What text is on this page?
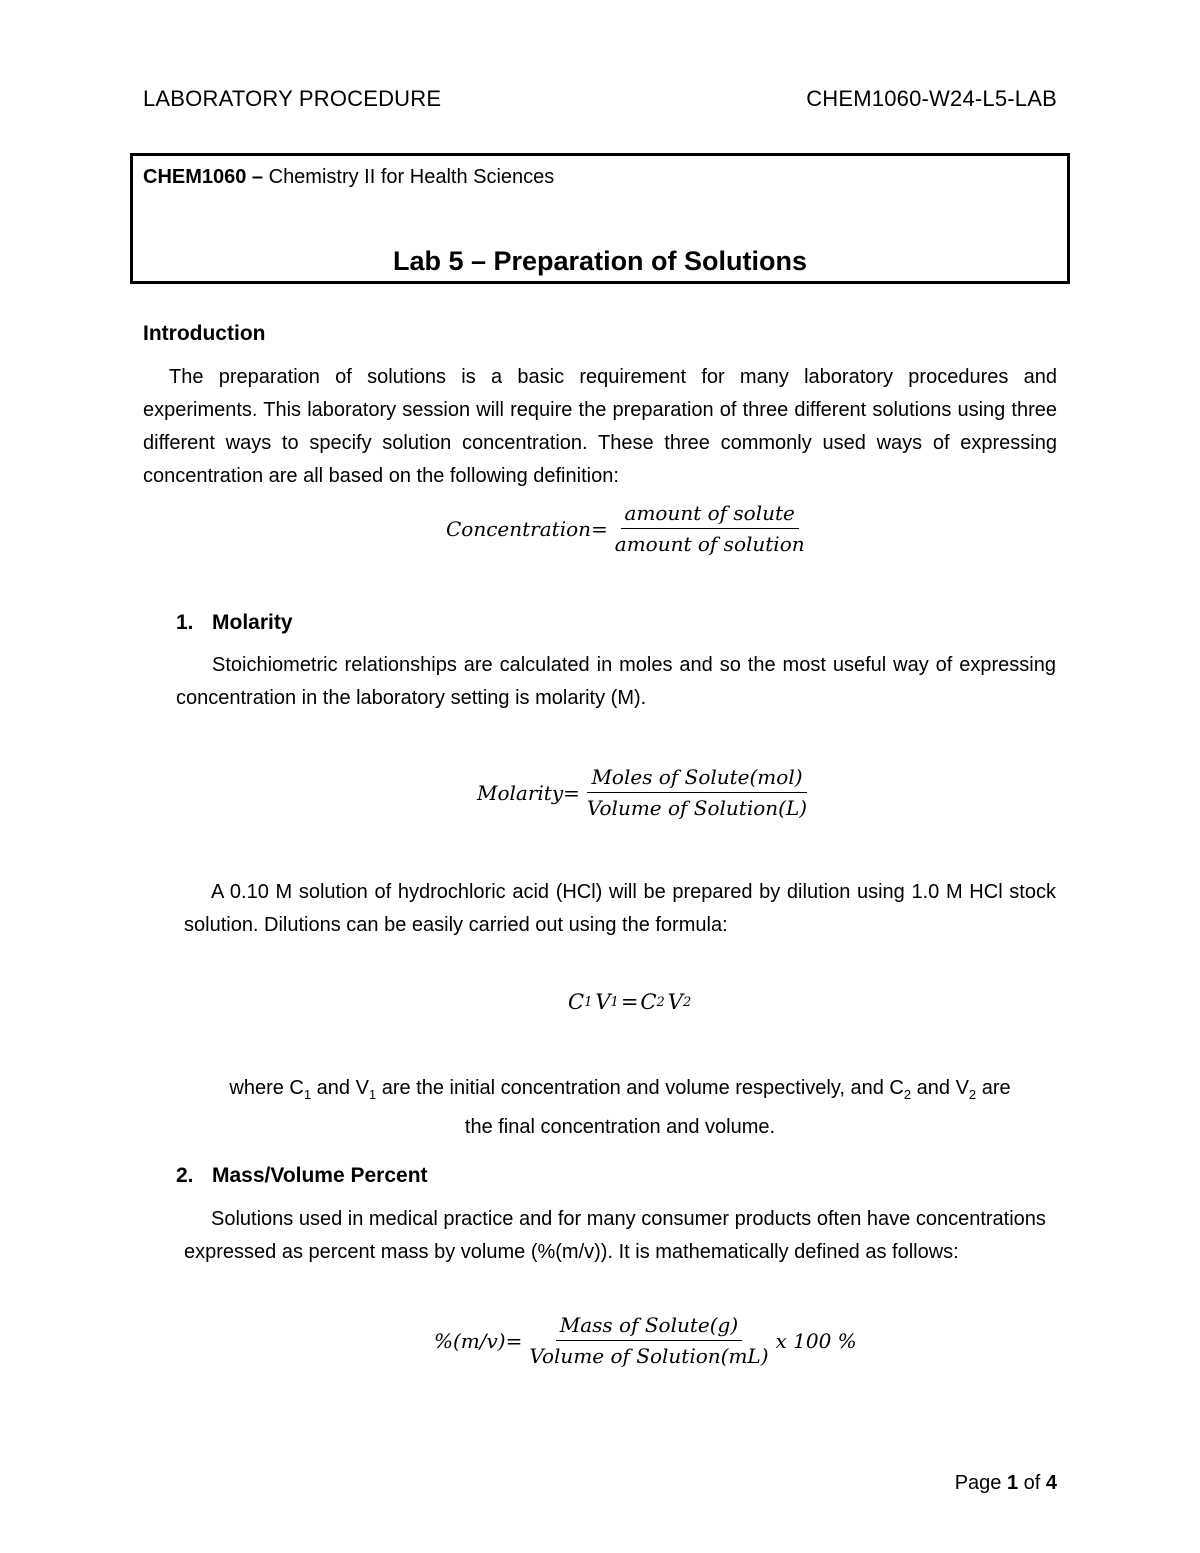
LABORATORY PROCEDURE	CHEM1060-W24-L5-LAB
CHEM1060 – Chemistry II for Health Sciences
Lab 5 – Preparation of Solutions
Introduction
The preparation of solutions is a basic requirement for many laboratory procedures and experiments. This laboratory session will require the preparation of three different solutions using three different ways to specify solution concentration. These three commonly used ways of expressing concentration are all based on the following definition:
Concentration = $\frac{\text{amount of solute}}{\text{amount of solution}}$
1. Molarity
Stoichiometric relationships are calculated in moles and so the most useful way of expressing concentration in the laboratory setting is molarity (M).
Molarity = $\frac{\text{Moles of Solute(mol)}}{\text{Volume of Solution(L)}}$
A 0.10 M solution of hydrochloric acid (HCl) will be prepared by dilution using 1.0 M HCl stock solution. Dilutions can be easily carried out using the formula:
C 1 V 1 = C 2 V 2
where $C_1$ and $V_1$ are the initial concentration and volume respectively, and $C_2$ and $V_2$ are
the final concentration and volume.
2. Mass/Volume Percent
Solutions used in medical practice and for many consumer products often have concentrations expressed as percent mass by volume (%(m/v)). It is mathematically defined as follows:
$\%(m/v) = \frac{\text{Mass of Solute(g)}}{\text{Volume of Solution(mL)}}$ x 100 %
Page 1 of 4
